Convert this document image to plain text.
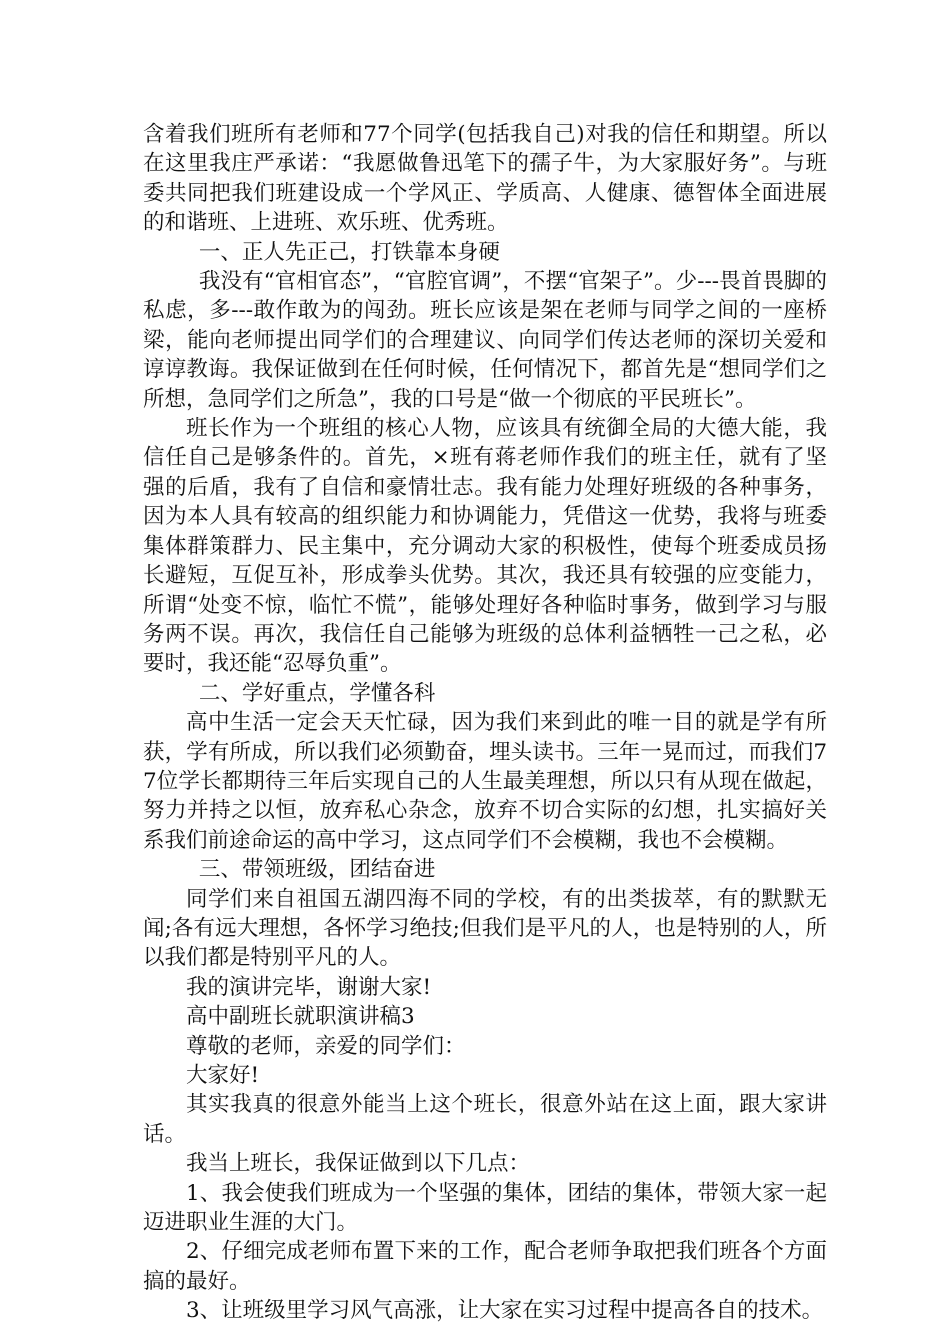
含着我们班所有老师和77个同学(包括我自己)对我的信任和期望。所以在这里我庄严承诺：“我愿做鲁迅笔下的孺子牛，为大家服好务”。与班委共同把我们班建设成一个学风正、学质高、人健康、德智体全面进展的和谐班、上进班、欢乐班、优秀班。

一、正人先正己，打铁靠本身硬

我没有“官相官态”，“官腔官调”，不摆“官架子”。少---畏首畏脚的私虑，多---敢作敢为的闯劲。班长应该是架在老师与同学之间的一座桥梁，能向老师提出同学们的合理建议、向同学们传达老师的深切关爱和谆谆教诲。我保证做到在任何时候，任何情况下，都首先是“想同学们之所想，急同学们之所急”，我的口号是“做一个彻底的平民班长”。

班长作为一个班组的核心人物，应该具有统御全局的大德大能，我信任自己是够条件的。首先，×班有蒋老师作我们的班主任，就有了坚强的后盾，我有了自信和豪情壮志。我有能力处理好班级的各种事务，因为本人具有较高的组织能力和协调能力，凭借这一优势，我将与班委集体群策群力、民主集中，充分调动大家的积极性，使每个班委成员扬长避短，互促互补，形成拳头优势。其次，我还具有较强的应变能力，所谓“处变不惊，临忙不慌”，能够处理好各种临时事务，做到学习与服务两不误。再次，我信任自己能够为班级的总体利益牺牲一己之私，必要时，我还能“忍辱负重”。

二、学好重点，学懂各科

高中生活一定会天天忙碌，因为我们来到此的唯一目的就是学有所获，学有所成，所以我们必须勤奋，埋头读书。三年一晃而过，而我们77位学长都期待三年后实现自己的人生最美理想，所以只有从现在做起，努力并持之以恒，放弃私心杂念，放弃不切合实际的幻想，扎实搞好关系我们前途命运的高中学习，这点同学们不会模糊，我也不会模糊。

三、带领班级，团结奋进

同学们来自祖国五湖四海不同的学校，有的出类拔萃，有的默默无闻;各有远大理想，各怀学习绝技;但我们是平凡的人，也是特别的人，所以我们都是特别平凡的人。

我的演讲完毕，谢谢大家!

高中副班长就职演讲稿3

尊敬的老师，亲爱的同学们：

大家好!

其实我真的很意外能当上这个班长，很意外站在这上面，跟大家讲话。

我当上班长，我保证做到以下几点：

1、我会使我们班成为一个坚强的集体，团结的集体，带领大家一起迈进职业生涯的大门。

2、仔细完成老师布置下来的工作，配合老师争取把我们班各个方面搞的最好。

3、让班级里学习风气高涨，让大家在实习过程中提高各自的技术。
